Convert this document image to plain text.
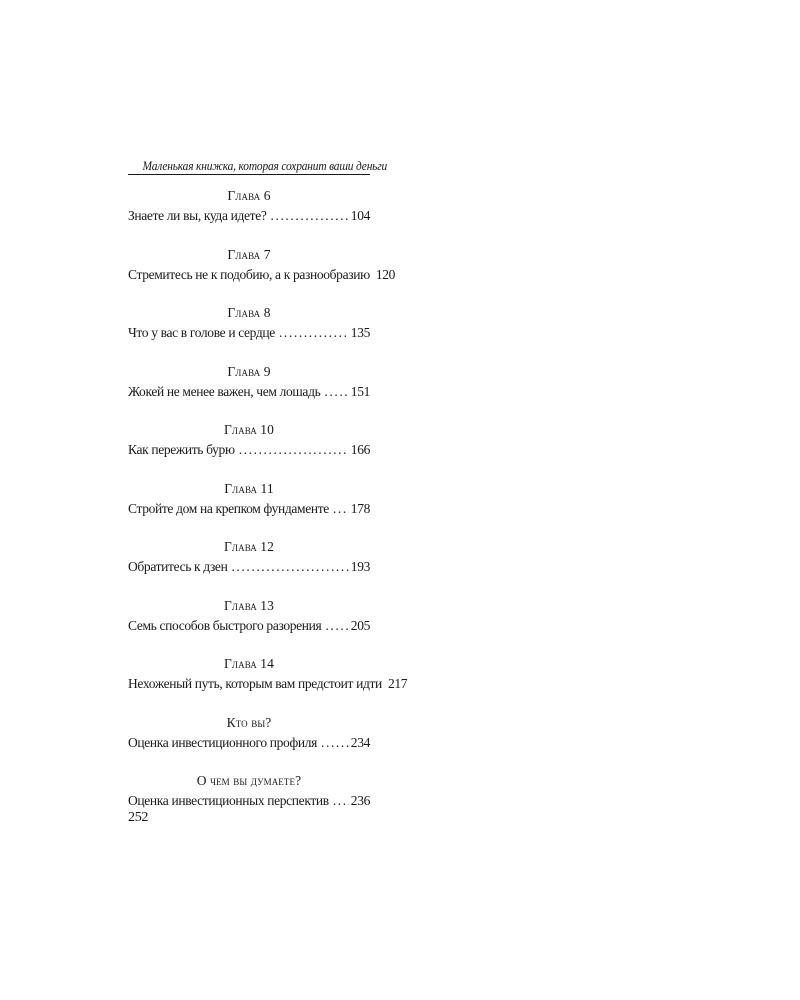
Маленькая книжка, которая сохранит ваши деньги
Глава 6
Знаете ли вы, куда идете? .....	104
Глава 7
Стремитесь не к подобию, а к разнообразию 120
Глава 8
Что у вас в голове и сердце .....	135
Глава 9
Жокей не менее важен, чем лошадь ..... 151
Глава 10
Как пережить бурю .....	166
Глава 11
Стройте дом на крепком фундаменте ..... 178
Глава 12
Обратитесь к дзен .....	193
Глава 13
Семь способов быстрого разорения ..... 205
Глава 14
Нехоженый путь, которым вам предстоит идти 217
Кто вы?
Оценка инвестиционного профиля .....	234
О чем вы думаете?
Оценка инвестиционных перспектив ..... 236
252
